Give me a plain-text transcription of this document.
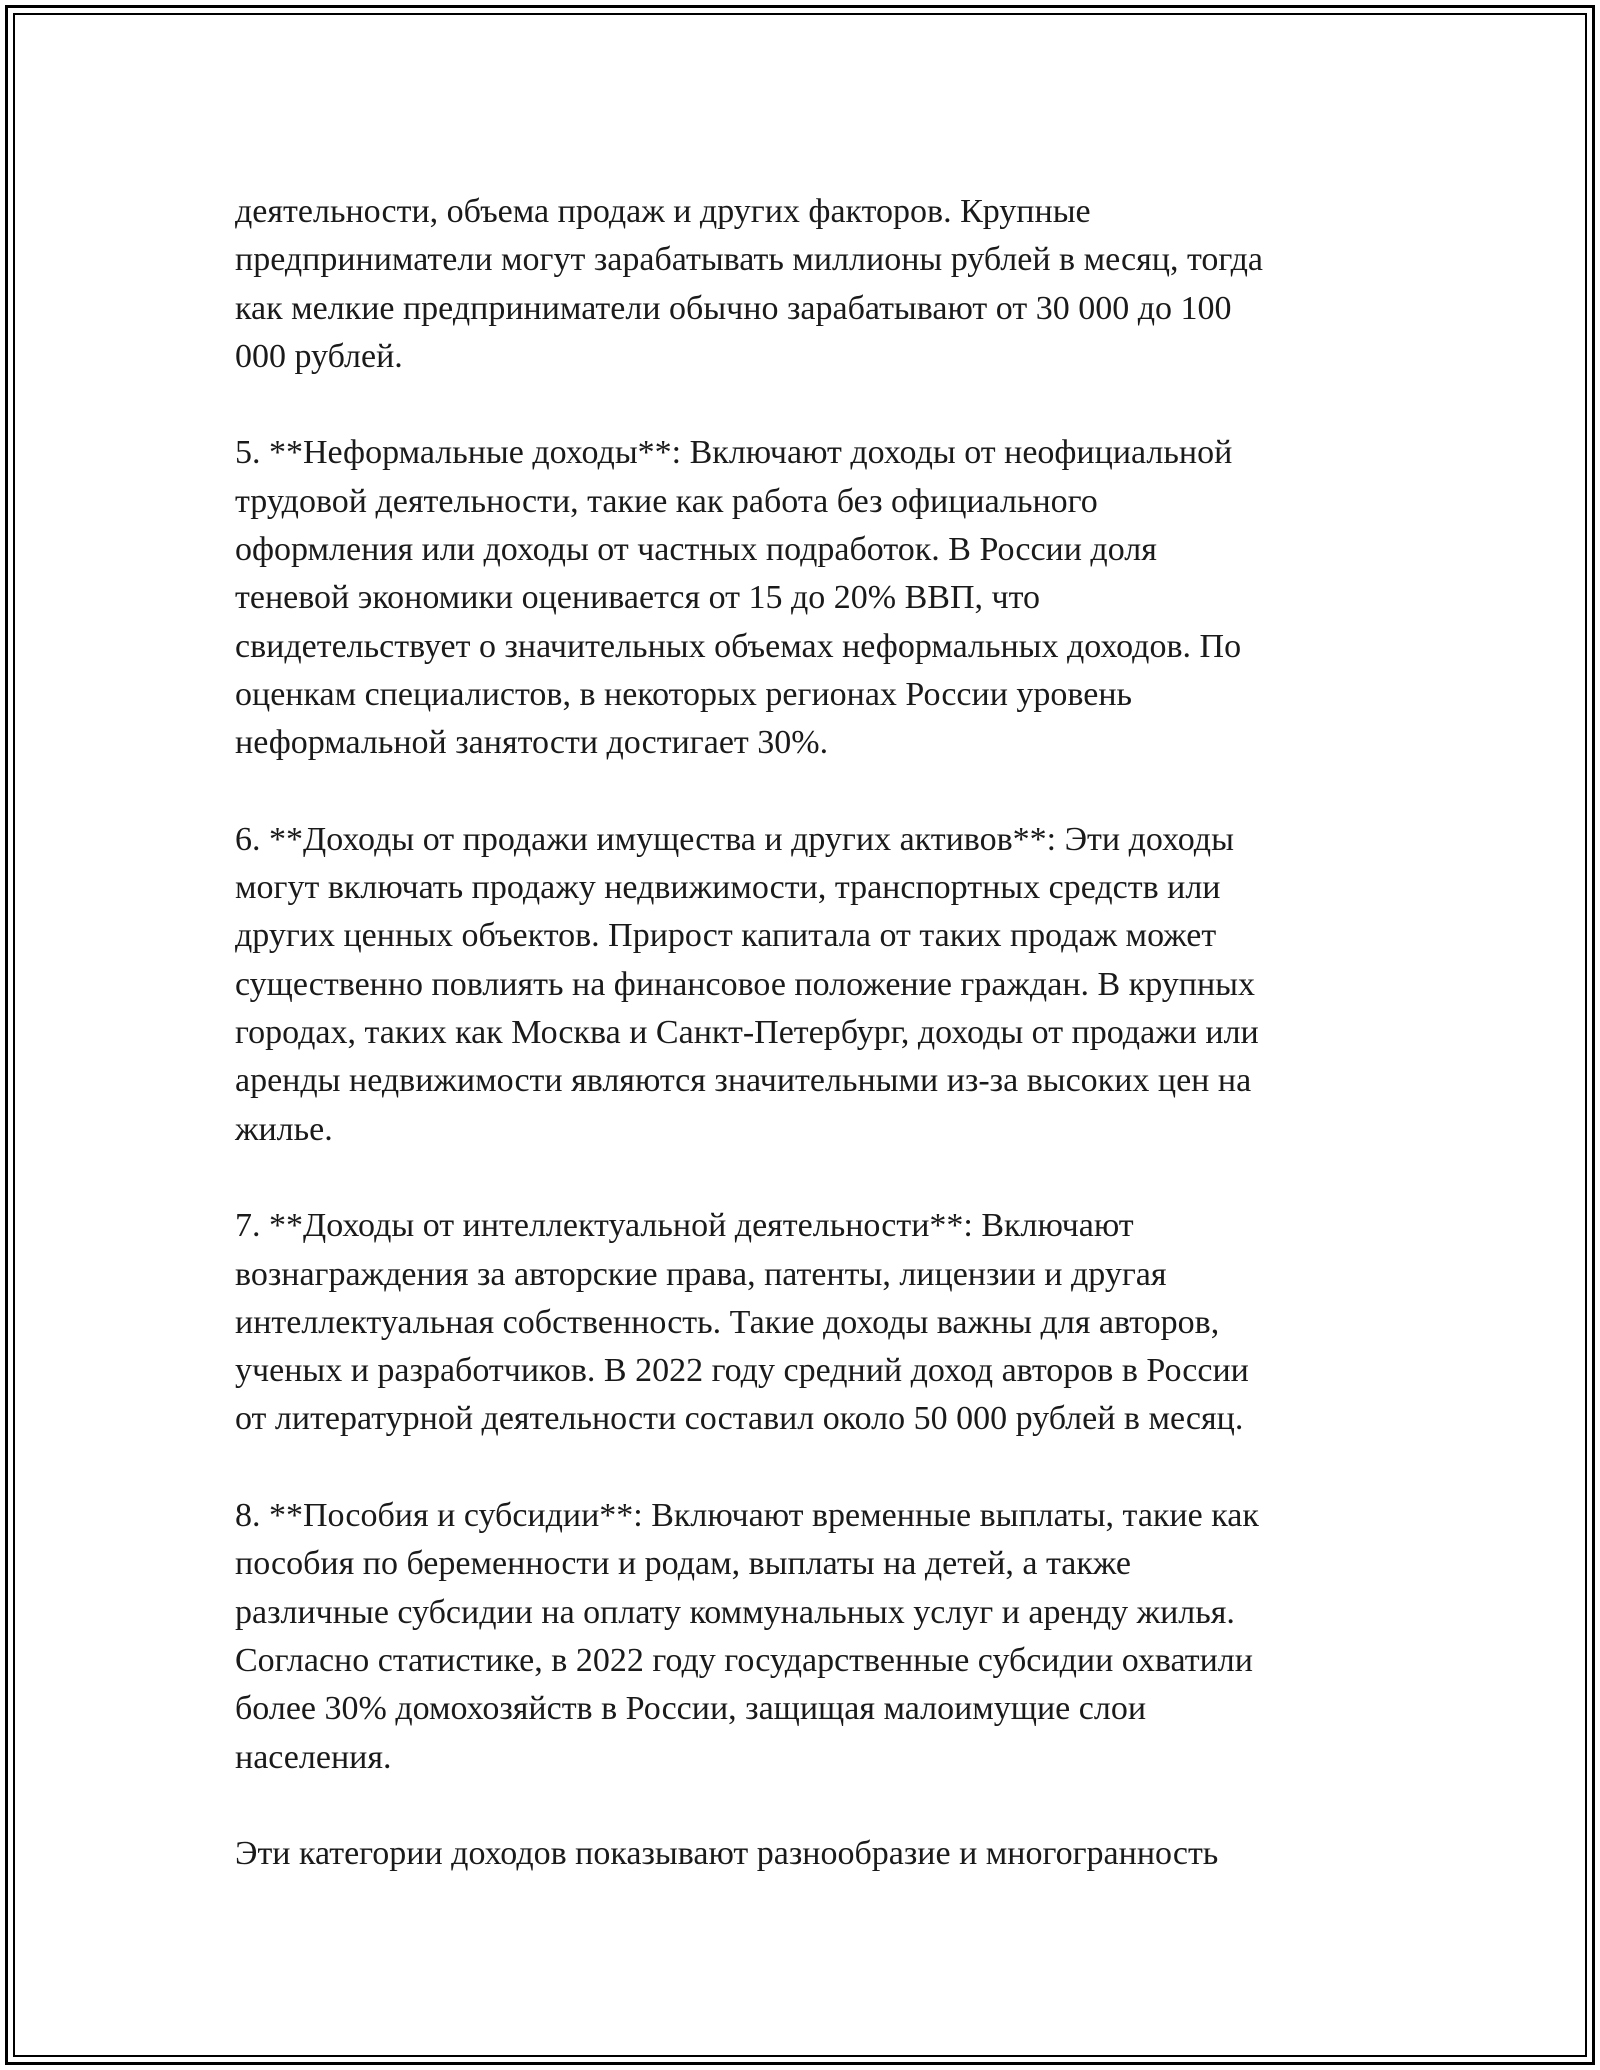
деятельности, объема продаж и других факторов. Крупные
предприниматели могут зарабатывать миллионы рублей в месяц, тогда
как мелкие предприниматели обычно зарабатывают от 30 000 до 100
000 рублей.

5. **Неформальные доходы**: Включают доходы от неофициальной
трудовой деятельности, такие как работа без официального
оформления или доходы от частных подработок. В России доля
теневой экономики оценивается от 15 до 20% ВВП, что
свидетельствует о значительных объемах неформальных доходов. По
оценкам специалистов, в некоторых регионах России уровень
неформальной занятости достигает 30%.

6. **Доходы от продажи имущества и других активов**: Эти доходы
могут включать продажу недвижимости, транспортных средств или
других ценных объектов. Прирост капитала от таких продаж может
существенно повлиять на финансовое положение граждан. В крупных
городах, таких как Москва и Санкт-Петербург, доходы от продажи или
аренды недвижимости являются значительными из-за высоких цен на
жилье.

7. **Доходы от интеллектуальной деятельности**: Включают
вознаграждения за авторские права, патенты, лицензии и другая
интеллектуальная собственность. Такие доходы важны для авторов,
ученых и разработчиков. В 2022 году средний доход авторов в России
от литературной деятельности составил около 50 000 рублей в месяц.

8. **Пособия и субсидии**: Включают временные выплаты, такие как
пособия по беременности и родам, выплаты на детей, а также
различные субсидии на оплату коммунальных услуг и аренду жилья.
Согласно статистике, в 2022 году государственные субсидии охватили
более 30% домохозяйств в России, защищая малоимущие слои
населения.

Эти категории доходов показывают разнообразие и многогранность
